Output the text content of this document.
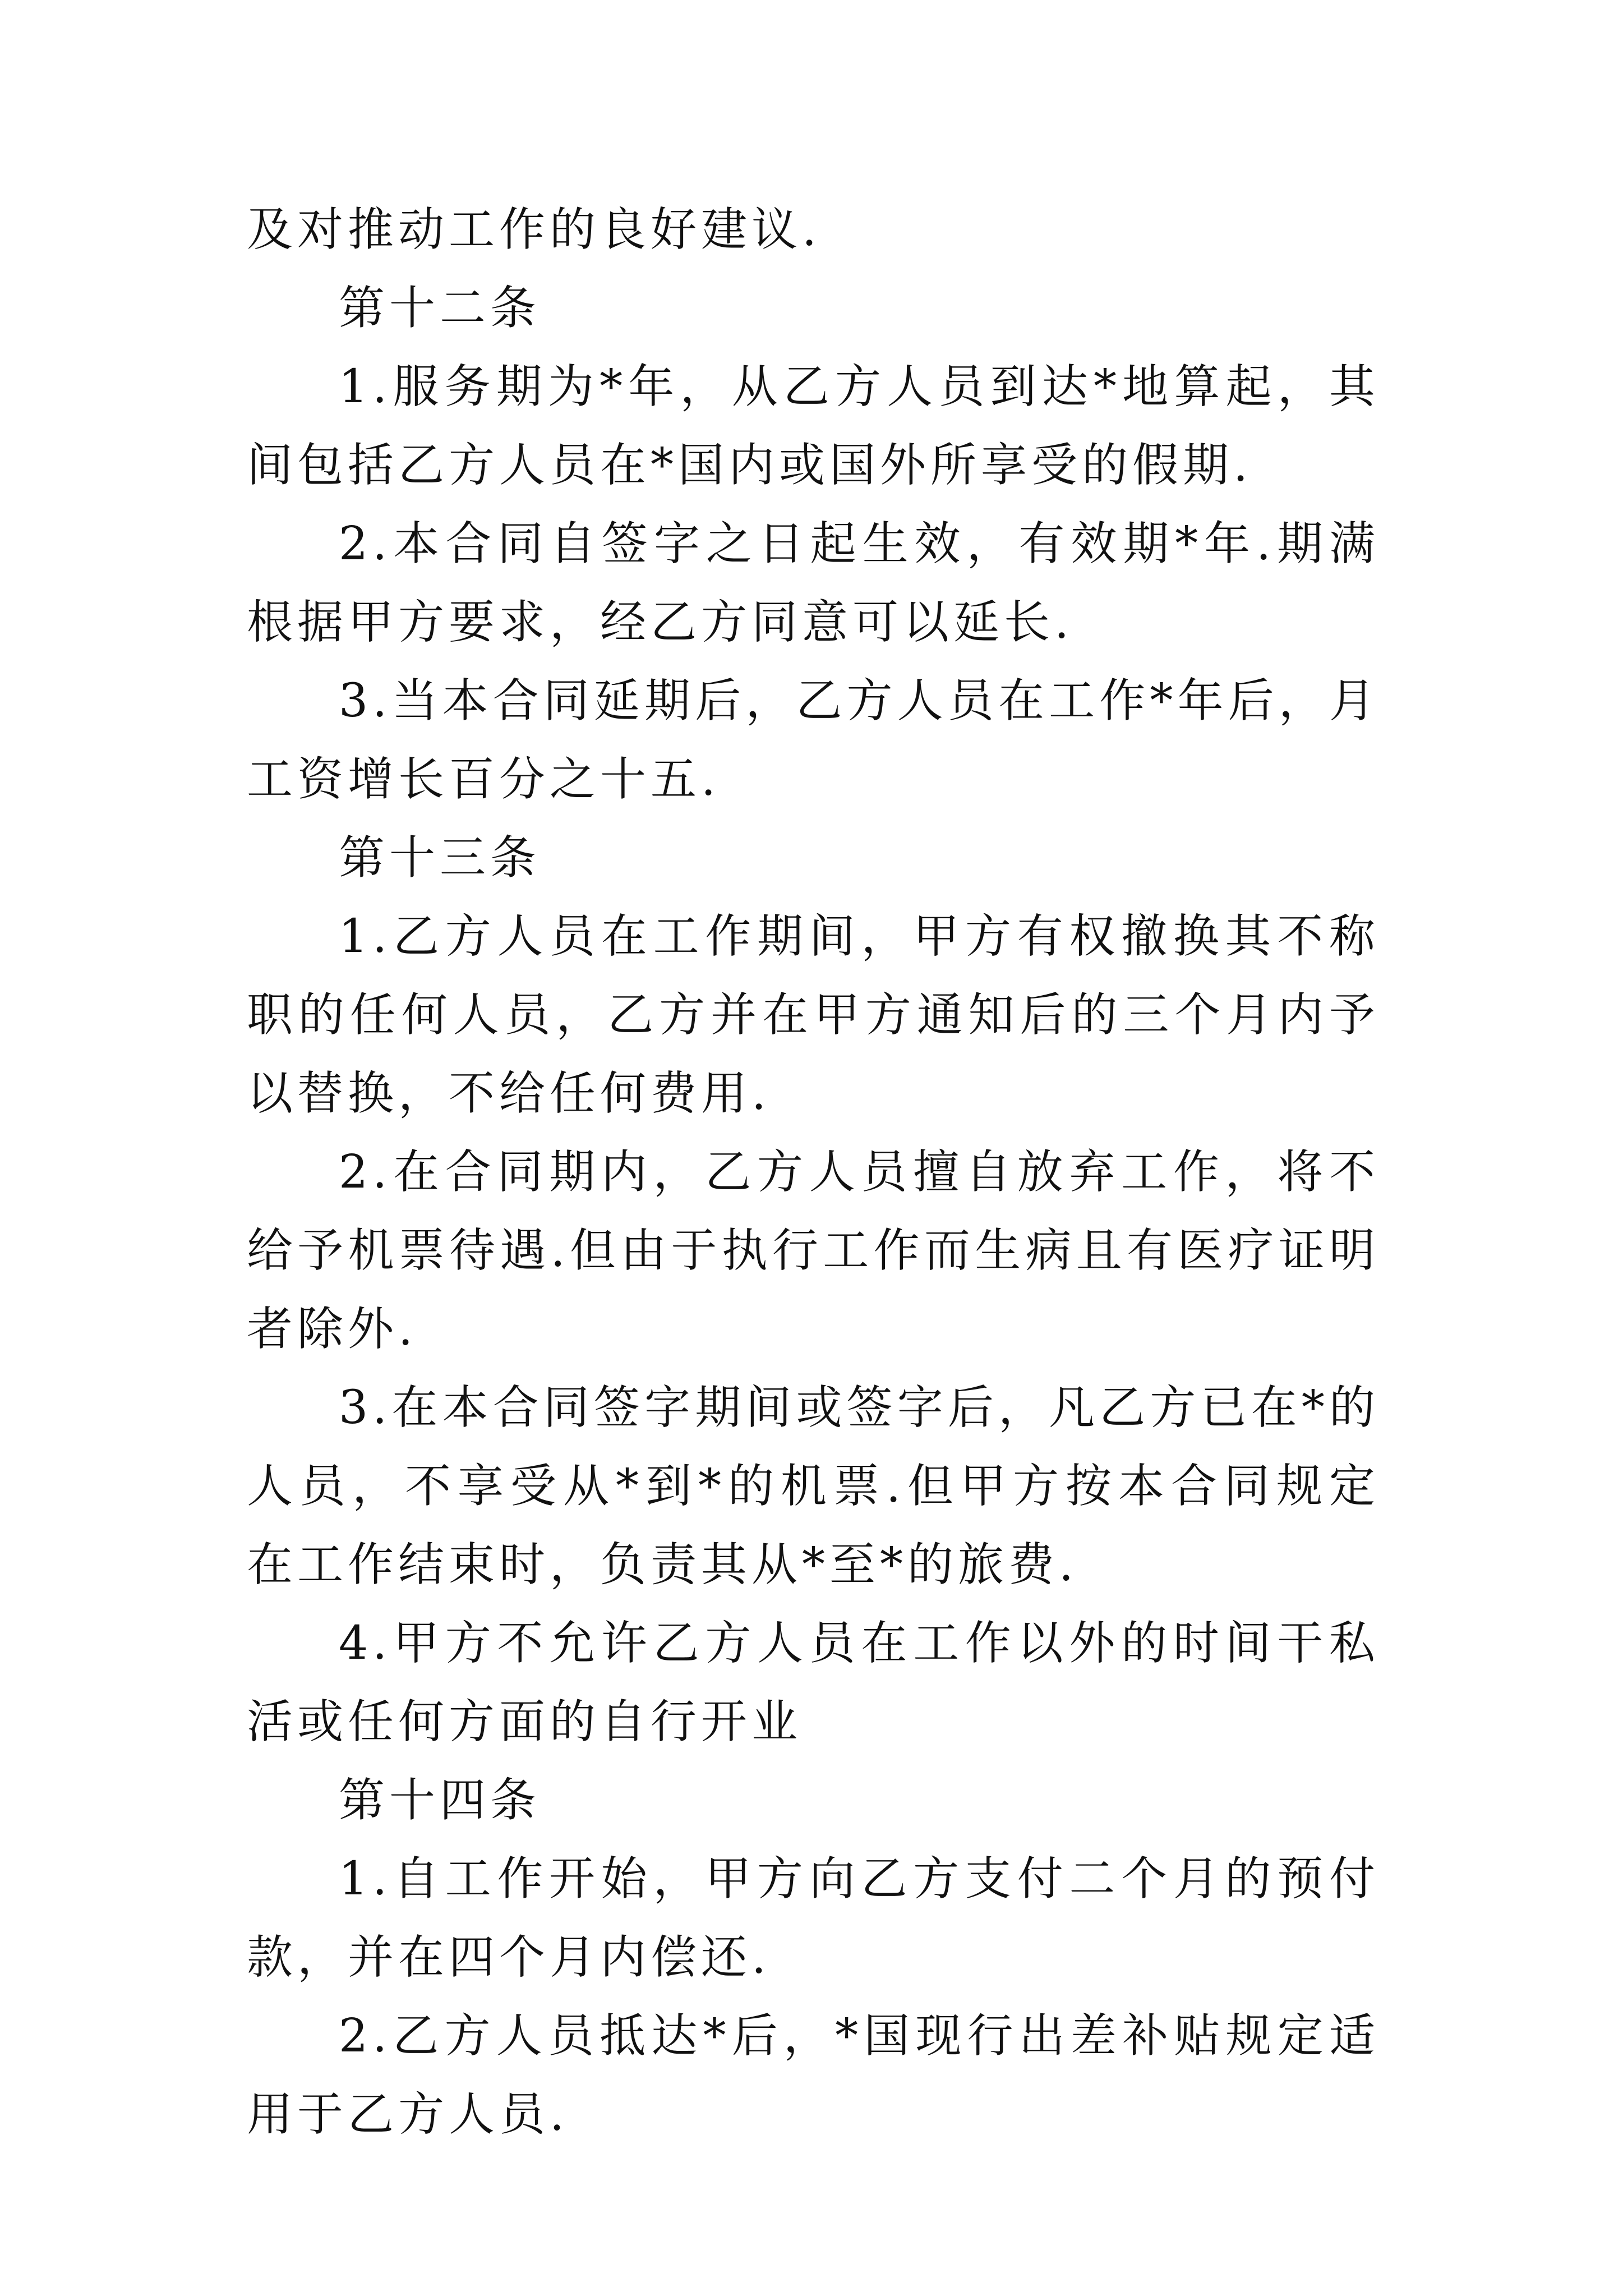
及对推动工作的良好建议.

第十二条

1.服务期为*年，从乙方人员到达*地算起，其间包括乙方人员在*国内或国外所享受的假期.

2.本合同自签字之日起生效，有效期*年.期满根据甲方要求，经乙方同意可以延长.

3.当本合同延期后，乙方人员在工作*年后，月工资增长百分之十五.

第十三条

1.乙方人员在工作期间，甲方有权撤换其不称职的任何人员，乙方并在甲方通知后的三个月内予以替换，不给任何费用.

2.在合同期内，乙方人员擅自放弃工作，将不给予机票待遇.但由于执行工作而生病且有医疗证明者除外.

3.在本合同签字期间或签字后，凡乙方已在*的人员，不享受从*到*的机票.但甲方按本合同规定在工作结束时，负责其从*至*的旅费.

4.甲方不允许乙方人员在工作以外的时间干私活或任何方面的自行开业

第十四条

1.自工作开始，甲方向乙方支付二个月的预付款，并在四个月内偿还.

2.乙方人员抵达*后，*国现行出差补贴规定适用于乙方人员.
